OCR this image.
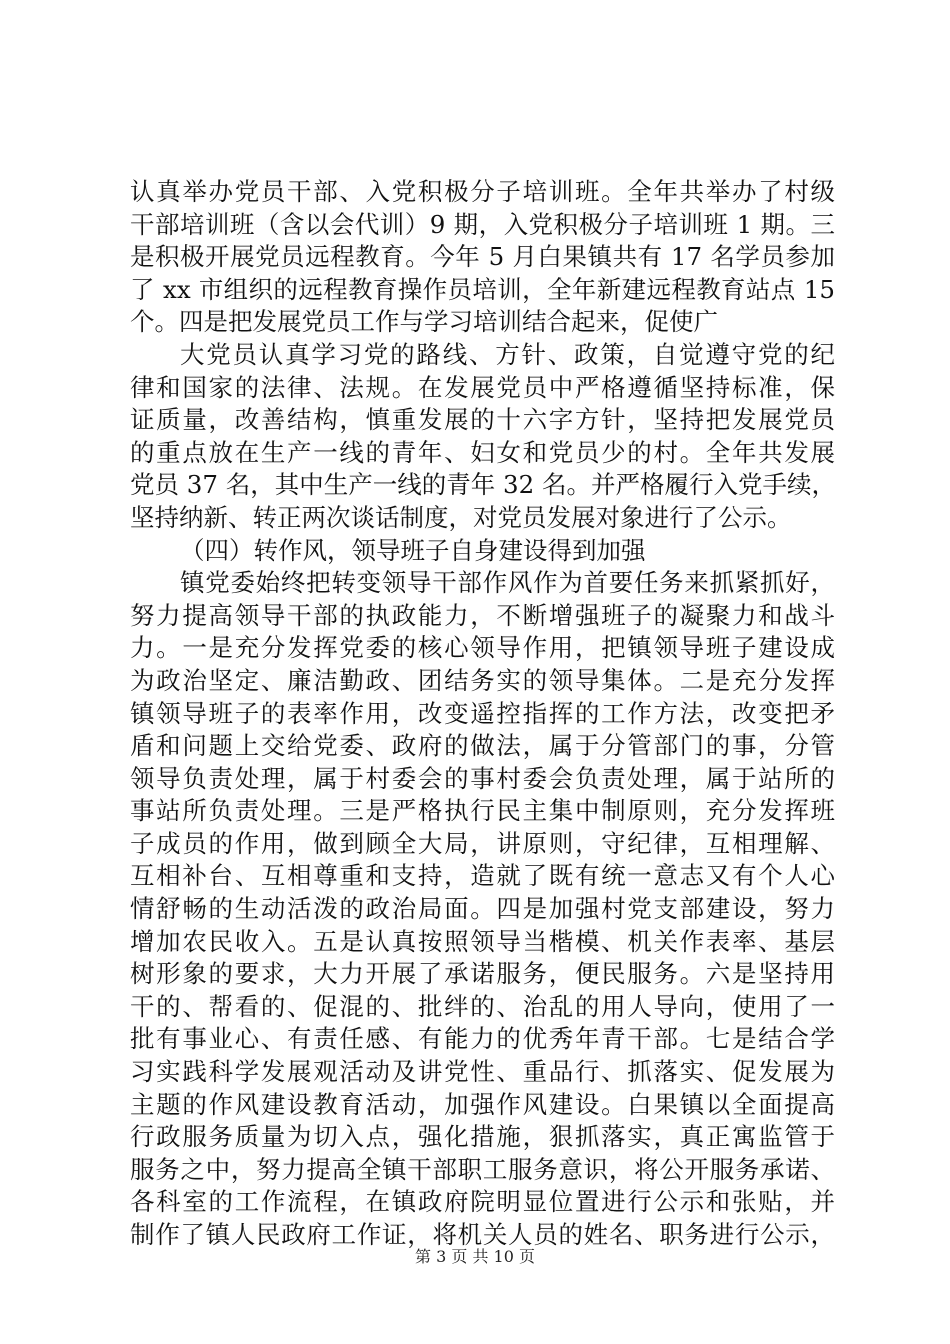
认真举办党员干部、入党积极分子培训班。全年共举办了村级
干部培训班（含以会代训）9 期，入党积极分子培训班 1 期。三
是积极开展党员远程教育。今年 5 月白果镇共有 17 名学员参加
了 xx 市组织的远程教育操作员培训，全年新建远程教育站点 15
个。四是把发展党员工作与学习培训结合起来，促使广
大党员认真学习党的路线、方针、政策，自觉遵守党的纪
律和国家的法律、法规。在发展党员中严格遵循坚持标准，保
证质量，改善结构，慎重发展的十六字方针，坚持把发展党员
的重点放在生产一线的青年、妇女和党员少的村。全年共发展
党员 37 名，其中生产一线的青年 32 名。并严格履行入党手续，
坚持纳新、转正两次谈话制度，对党员发展对象进行了公示。
（四）转作风，领导班子自身建设得到加强
镇党委始终把转变领导干部作风作为首要任务来抓紧抓好，
努力提高领导干部的执政能力，不断增强班子的凝聚力和战斗
力。一是充分发挥党委的核心领导作用，把镇领导班子建设成
为政治坚定、廉洁勤政、团结务实的领导集体。二是充分发挥
镇领导班子的表率作用，改变遥控指挥的工作方法，改变把矛
盾和问题上交给党委、政府的做法，属于分管部门的事，分管
领导负责处理，属于村委会的事村委会负责处理，属于站所的
事站所负责处理。三是严格执行民主集中制原则，充分发挥班
子成员的作用，做到顾全大局，讲原则，守纪律，互相理解、
互相补台、互相尊重和支持，造就了既有统一意志又有个人心
情舒畅的生动活泼的政治局面。四是加强村党支部建设，努力
增加农民收入。五是认真按照领导当楷模、机关作表率、基层
树形象的要求，大力开展了承诺服务，便民服务。六是坚持用
干的、帮看的、促混的、批绊的、治乱的用人导向，使用了一
批有事业心、有责任感、有能力的优秀年青干部。七是结合学
习实践科学发展观活动及讲党性、重品行、抓落实、促发展为
主题的作风建设教育活动，加强作风建设。白果镇以全面提高
行政服务质量为切入点，强化措施，狠抓落实，真正寓监管于
服务之中，努力提高全镇干部职工服务意识，将公开服务承诺、
各科室的工作流程，在镇政府院明显位置进行公示和张贴，并
制作了镇人民政府工作证，将机关人员的姓名、职务进行公示，
第 3 页 共 10 页
